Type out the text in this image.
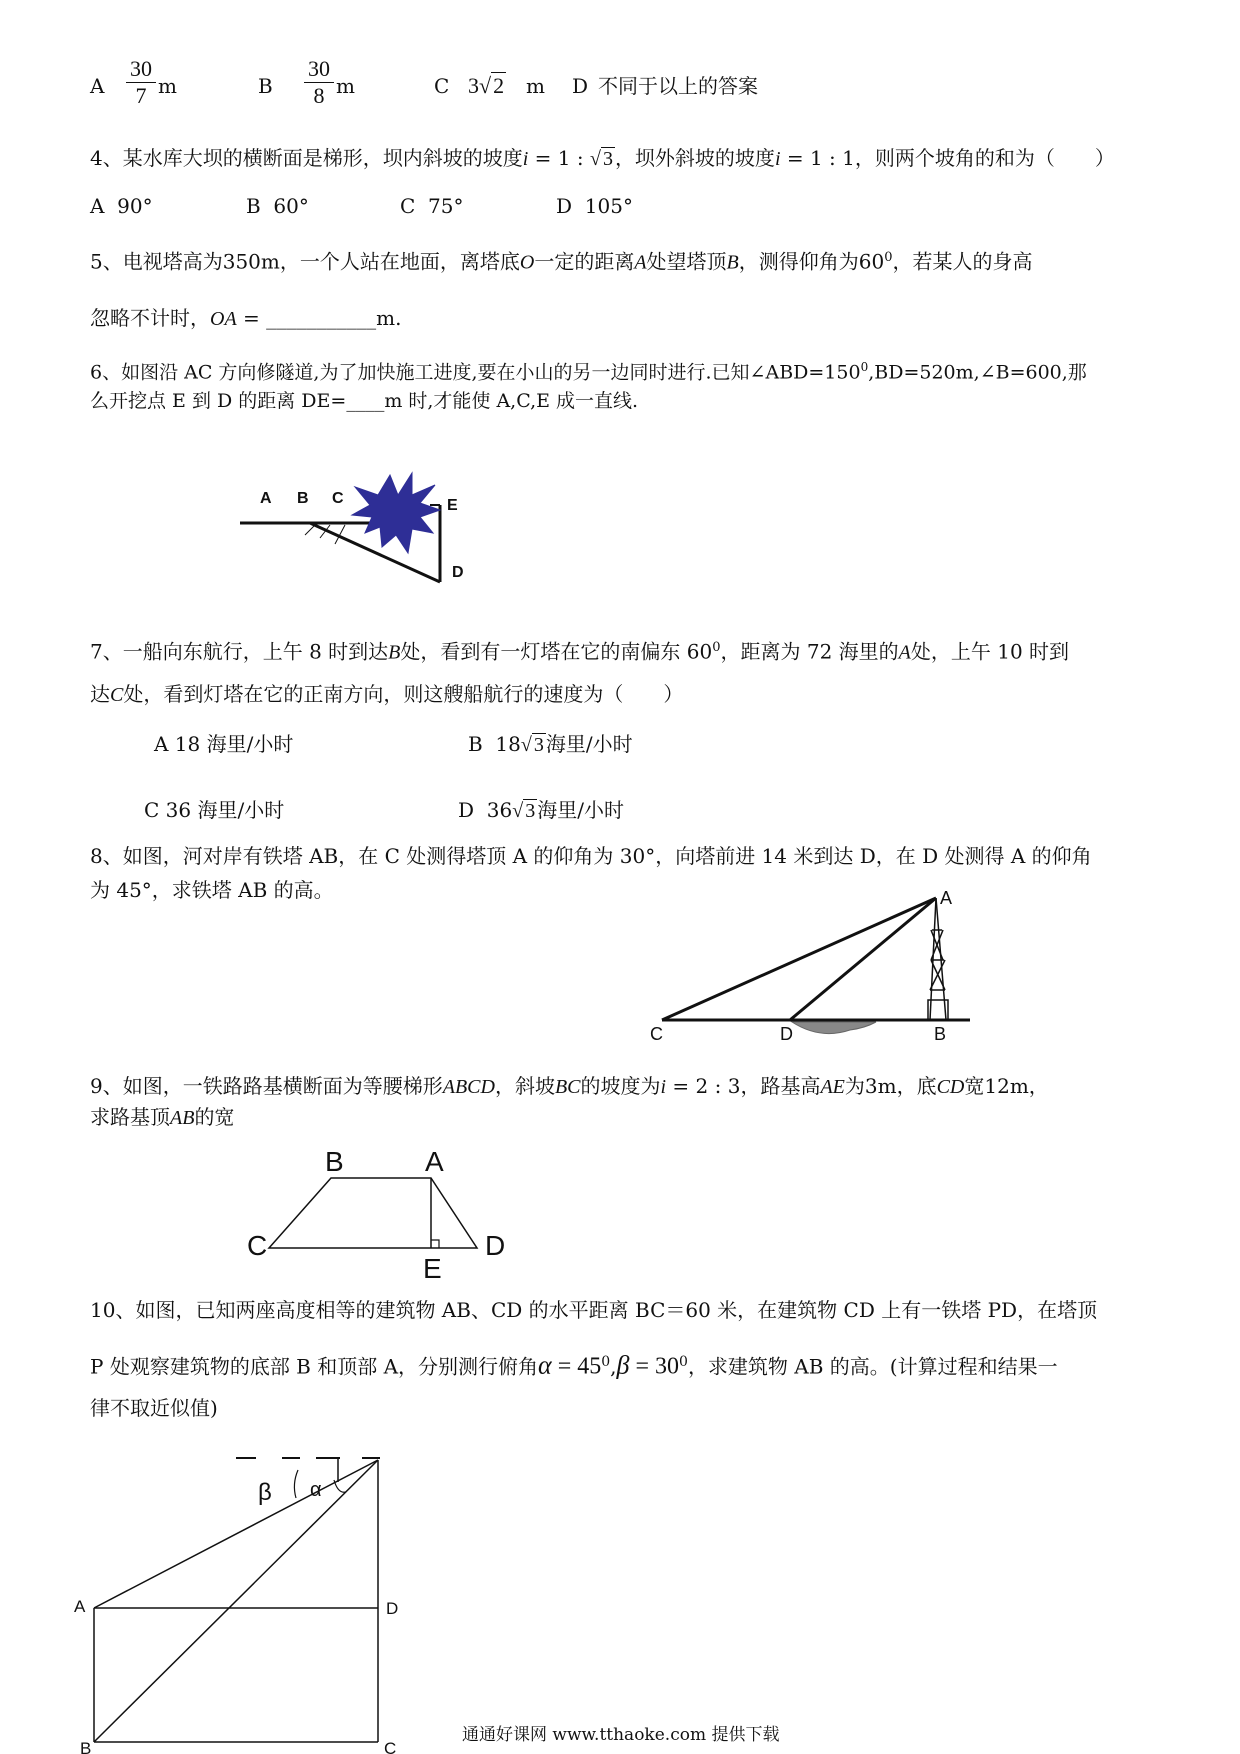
A $\frac{30}{7}$ m	B $\frac{30}{8}$ m	C 3√2 m D 不同于以上的答案
4、某水库大坝的横断面是梯形，坝内斜坡的坡度i = 1 : √ 3 ，坝外斜坡的坡度i = 1 : 1，则两个坡角的和为（　　）
A 90°	B 60°	C 75°	D 105°
5、电视塔高为350m，一个人站在地面，离塔底O一定的距离A处望塔顶B，测得仰角为$60^0$，若某人的身高
忽略不计时，OA = ___________m.
6、如图沿 AC 方向修隧道,为了加快施工进度,要在小山的另一边同时进行.已知$\angle ABD=150^0,BD=520m,\angle B=600$,那
么开挖点 E 到 D 的距离 DE=____m 时,才能使 A,C,E 成一直线.
A B C	E
D
7、一船向东航行，上午 8 时到达B处，看到有一灯塔在它的南偏东 $60^0$，距离为 72 海里的A处，上午 10 时到
达C处，看到灯塔在它的正南方向，则这艘船航行的速度为（　　）
A 18 海里/小时	B 18√ 3 海里/小时
C 36 海里/小时	D 36√ 3 海里/小时
8、如图，河对岸有铁塔 AB，在 C 处测得塔顶 A 的仰角为 30°，向塔前进 14 米到达 D，在 D 处测得 A 的仰角
为 45°，求铁塔 AB 的高。	A
C	D	B
9、如图，一铁路路基横断面为等腰梯形ABCD，斜坡BC的坡度为i = 2 : 3，路基高AE为3m，底CD宽12m，
求路基顶AB的宽
B	A
C	D
E
10、如图，已知两座高度相等的建筑物 AB、CD 的水平距离 BC＝60 米，在建筑物 CD 上有一铁塔 PD，在塔顶
P 处观察建筑物的底部 B 和顶部 A，分别测行俯角$\alpha = 45^0,\beta = 30^0$，求建筑物 AB 的高。(计算过程和结果一
律不取近似值)
β α
A	D
B	C
通通好课网 www.tthaoke.com 提供下载
